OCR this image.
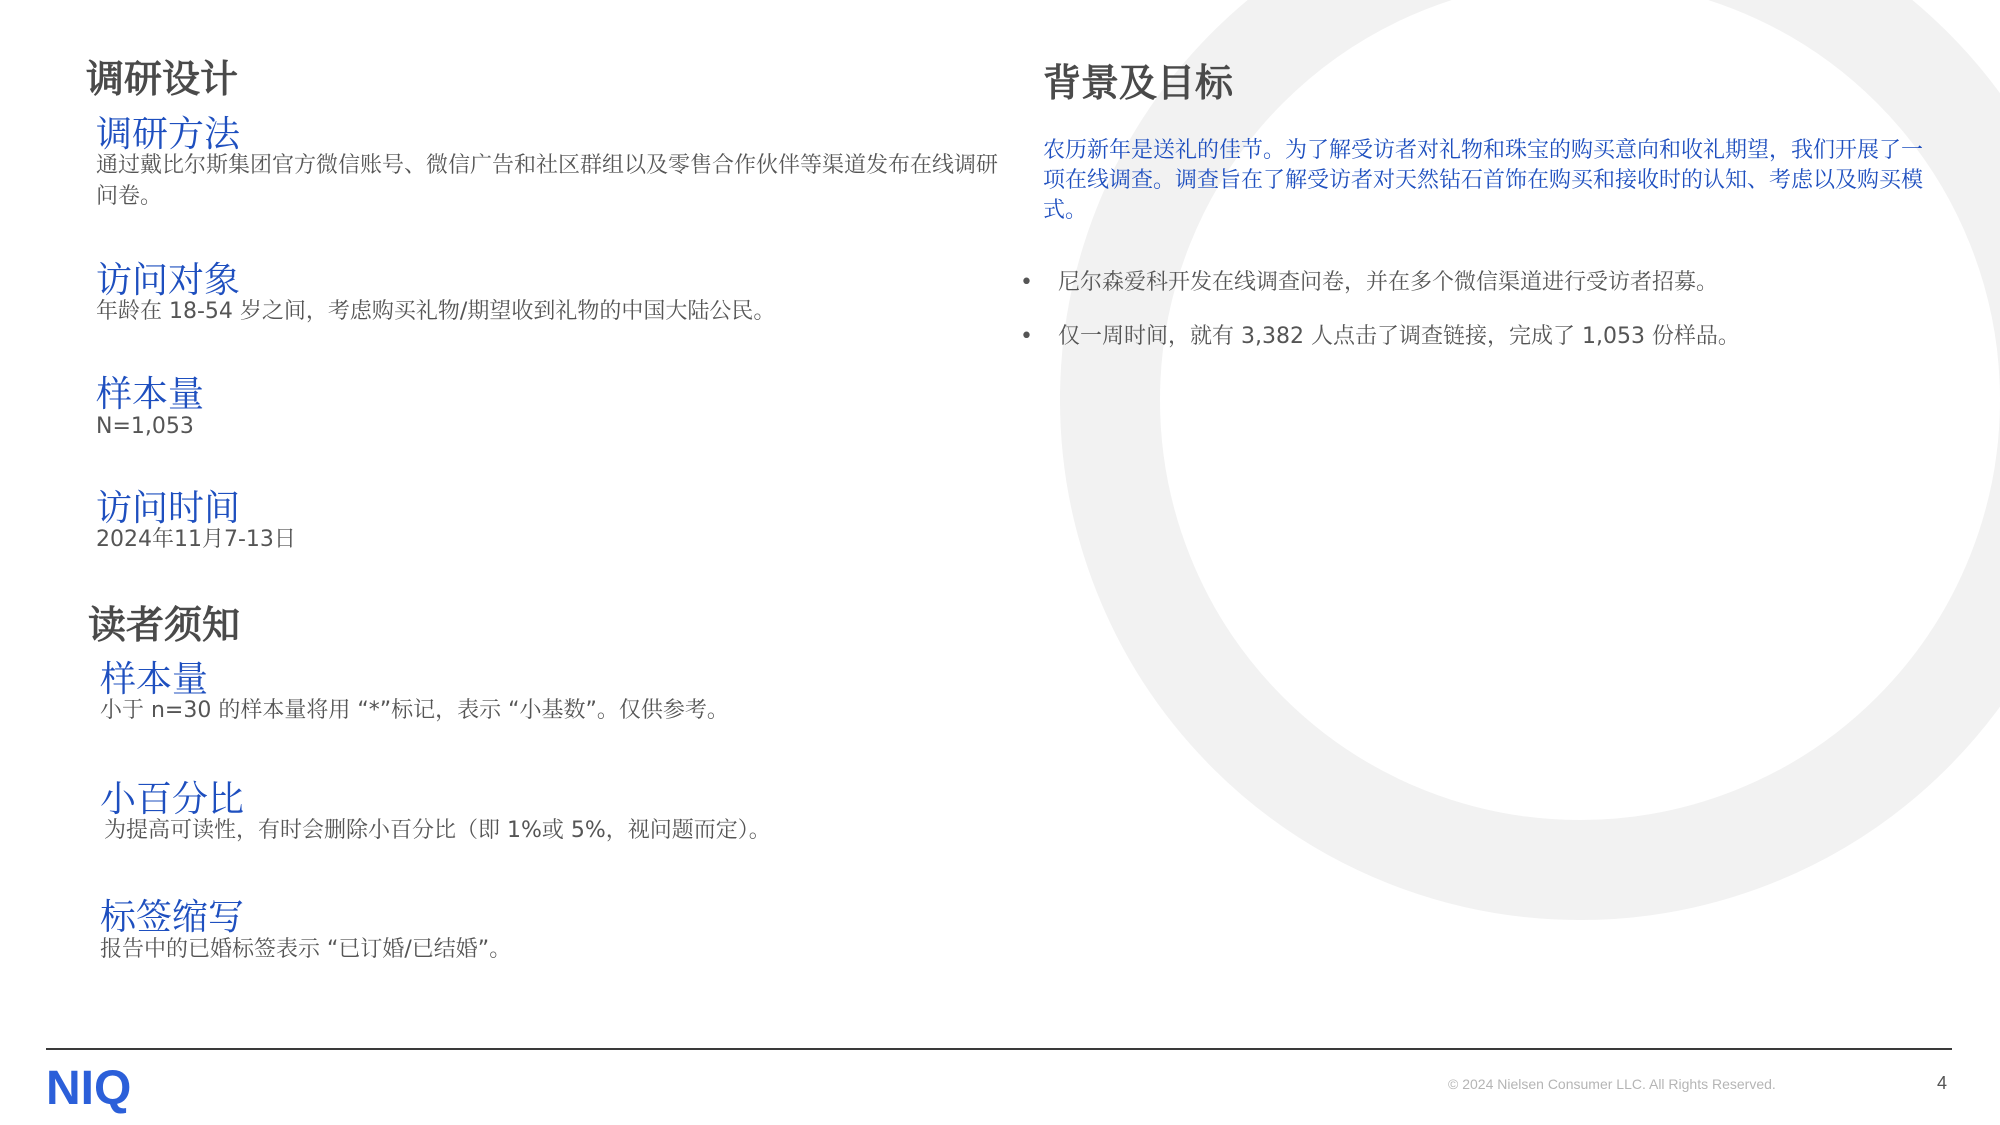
调研设计
调研方法
通过戴比尔斯集团官方微信账号、微信广告和社区群组以及零售合作伙伴等渠道发布在线调研问卷。
访问对象
年龄在 18-54 岁之间，考虑购买礼物/期望收到礼物的中国大陆公民。
样本量
N=1,053
访问时间
2024年11月7-13日
读者须知
样本量
小于 n=30 的样本量将用 “*”标记，表示 “小基数”。仅供参考。
小百分比
为提高可读性，有时会删除小百分比（即 1%或 5%，视问题而定）。
标签缩写
报告中的已婚标签表示 “已订婚/已结婚”。
背景及目标
农历新年是送礼的佳节。为了解受访者对礼物和珠宝的购买意向和收礼期望，我们开展了一项在线调查。调查旨在了解受访者对天然钻石首饰在购买和接收时的认知、考虑以及购买模式。
• 尼尔森爱科开发在线调查问卷，并在多个微信渠道进行受访者招募。
• 仅一周时间，就有 3,382 人点击了调查链接，完成了 1,053 份样品。
NIQ	© 2024 Nielsen Consumer LLC. All Rights Reserved.	4
